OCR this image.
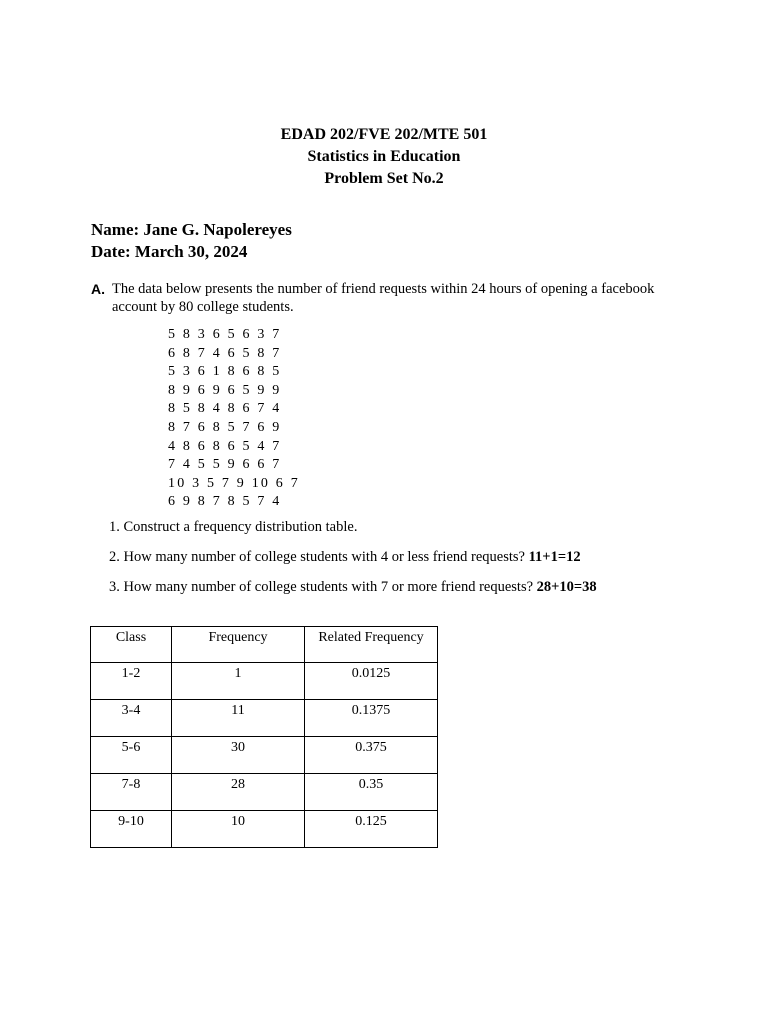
EDAD 202/FVE 202/MTE 501
Statistics in Education
Problem Set No.2
Name: Jane G. Napolereyes
Date: March 30, 2024
A. The data below presents the number of friend requests within 24 hours of opening a facebook account by 80 college students.
5 8 3 6 5 6 3 7
6 8 7 4 6 5 8 7
5 3 6 1 8 6 8 5
8 9 6 9 6 5 9 9
8 5 8 4 8 6 7 4
8 7 6 8 5 7 6 9
4 8 6 8 6 5 4 7
7 4 5 5 9 6 6 7
10 3 5 7 9 10 6 7
6 9 8 7 8 5 7 4
1. Construct a frequency distribution table.
2. How many number of college students with 4 or less friend requests? 11+1=12
3. How many number of college students with 7 or more friend requests? 28+10=38
Class	Frequency	Related Frequency
1-2	1	0.0125
3-4	11	0.1375
5-6	30	0.375
7-8	28	0.35
9-10	10	0.125
